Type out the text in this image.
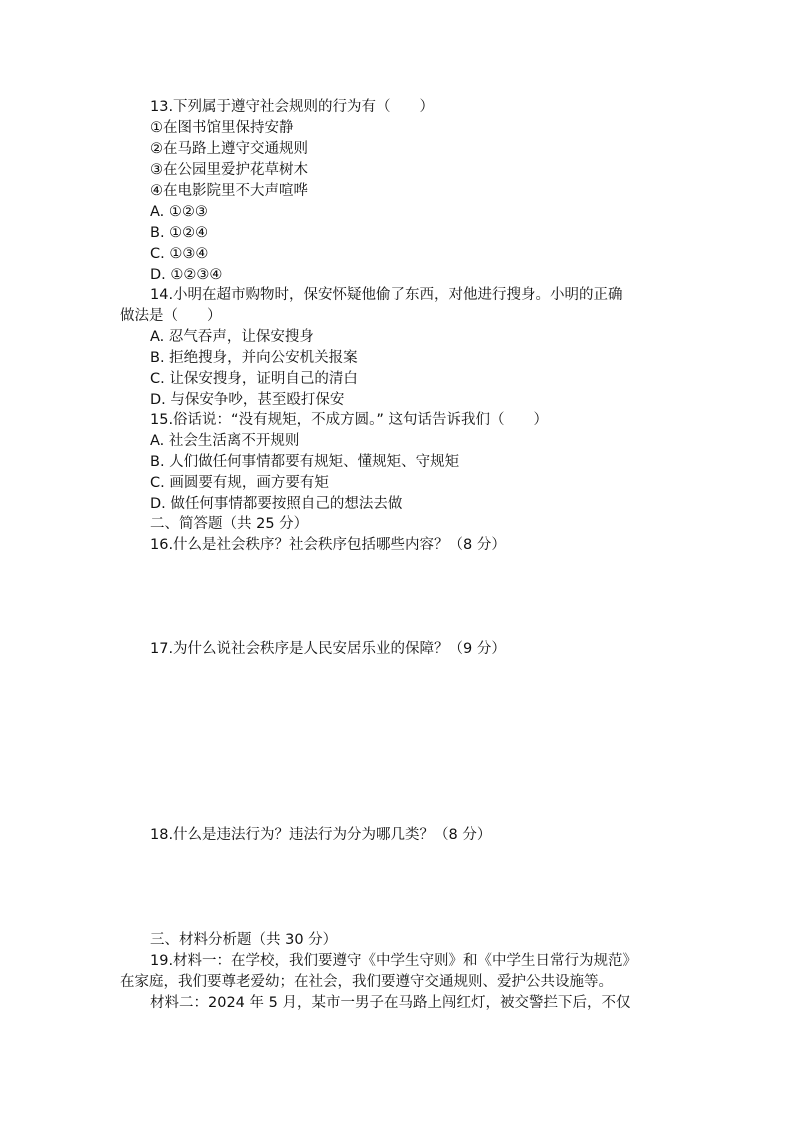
13.下列属于遵守社会规则的行为有（　　）
①在图书馆里保持安静
②在马路上遵守交通规则
③在公园里爱护花草树木
④在电影院里不大声喧哗
A. ①②③
B. ①②④
C. ①③④
D. ①②③④
14.小明在超市购物时，保安怀疑他偷了东西，对他进行搜身。小明的正确
做法是（　　）
A. 忍气吞声，让保安搜身
B. 拒绝搜身，并向公安机关报案
C. 让保安搜身，证明自己的清白
D. 与保安争吵，甚至殴打保安
15.俗话说：“没有规矩，不成方圆。” 这句话告诉我们（　　）
A. 社会生活离不开规则
B. 人们做任何事情都要有规矩、懂规矩、守规矩
C. 画圆要有规，画方要有矩
D. 做任何事情都要按照自己的想法去做
二、简答题（共 25 分）
16.什么是社会秩序？社会秩序包括哪些内容？（8 分）
17.为什么说社会秩序是人民安居乐业的保障？（9 分）
18.什么是违法行为？违法行为分为哪几类？（8 分）
三、材料分析题（共 30 分）
19.材料一：在学校，我们要遵守《中学生守则》和《中学生日常行为规范》
在家庭，我们要尊老爱幼；在社会，我们要遵守交通规则、爱护公共设施等。
材料二：2024 年 5 月，某市一男子在马路上闯红灯，被交警拦下后，不仅
